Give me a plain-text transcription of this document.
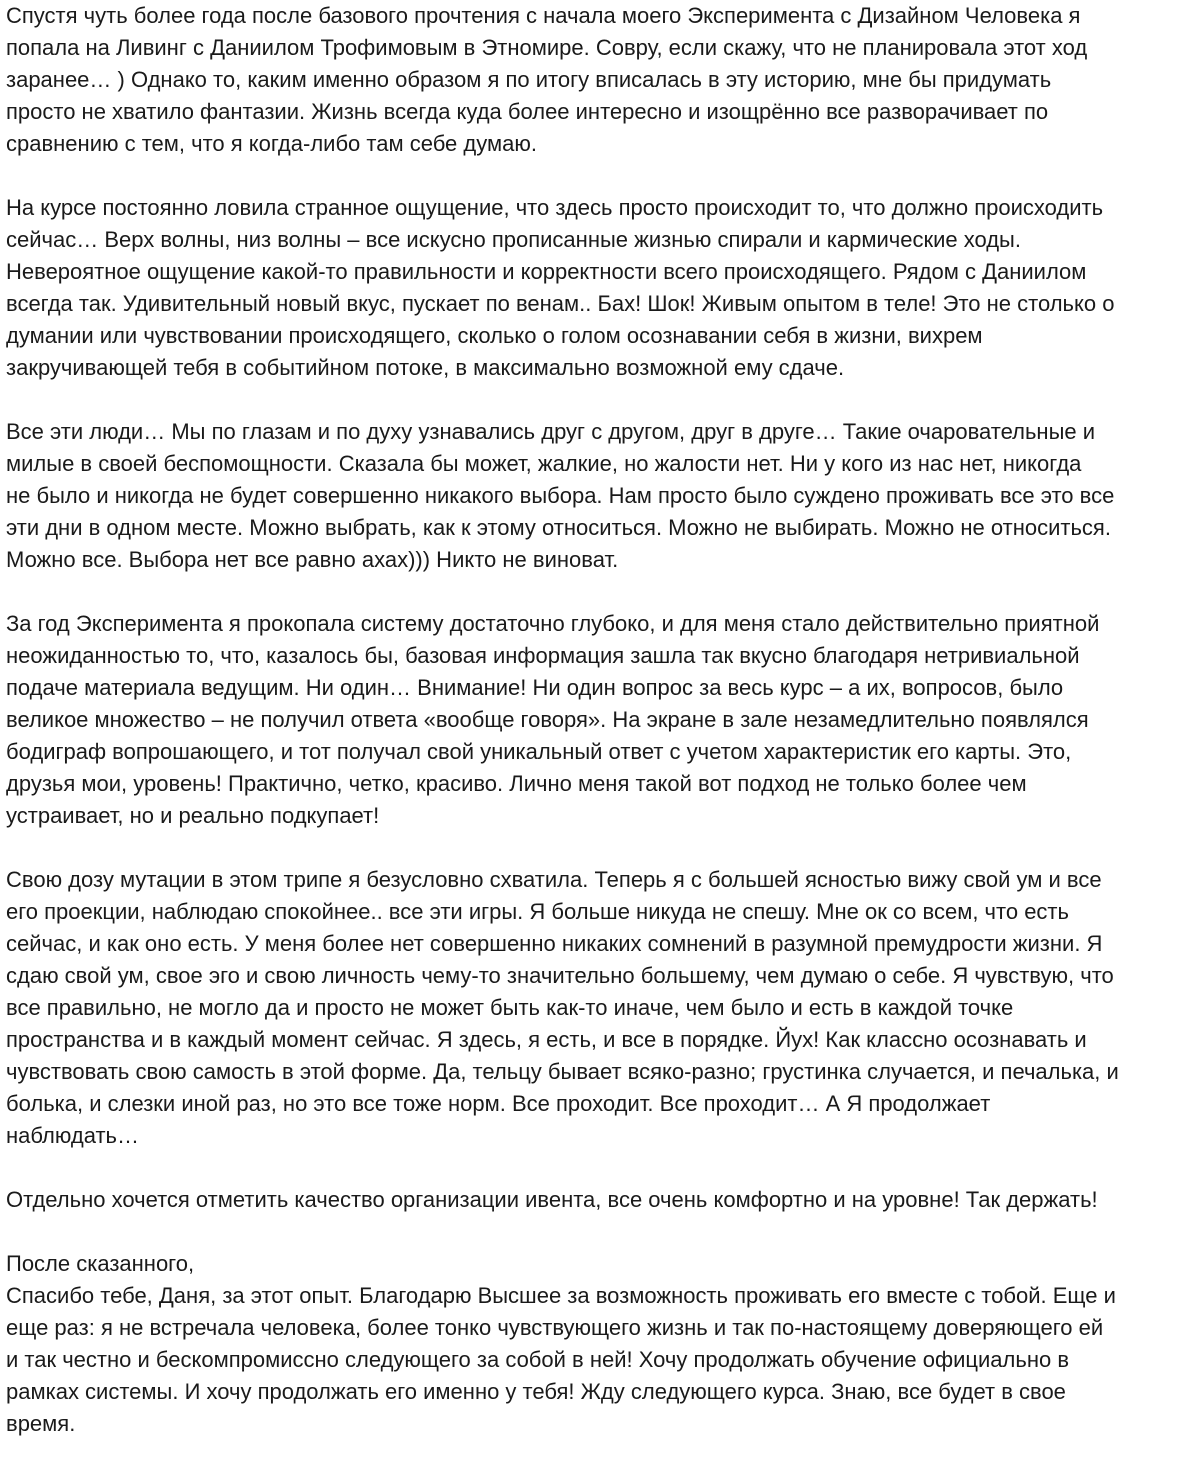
Спустя чуть более года после базового прочтения с начала моего Эксперимента с Дизайном Человека я
попала на Ливинг с Даниилом Трофимовым в Этномире. Совру, если скажу, что не планировала этот ход
заранее… ) Однако то, каким именно образом я по итогу вписалась в эту историю, мне бы придумать
просто не хватило фантазии. Жизнь всегда куда более интересно и изощрённо все разворачивает по
сравнению с тем, что я когда-либо там себе думаю.

На курсе постоянно ловила странное ощущение, что здесь просто происходит то, что должно происходить
сейчас… Верх волны, низ волны – все искусно прописанные жизнью спирали и кармические ходы.
Невероятное ощущение какой-то правильности и корректности всего происходящего. Рядом с Даниилом
всегда так. Удивительный новый вкус, пускает по венам.. Бах! Шок! Живым опытом в теле! Это не столько о
думании или чувствовании происходящего, сколько о голом осознавании себя в жизни, вихрем
закручивающей тебя в событийном потоке, в максимально возможной ему сдаче.

Все эти люди… Мы по глазам и по духу узнавались друг с другом, друг в друге… Такие очаровательные и
милые в своей беспомощности. Сказала бы может, жалкие, но жалости нет. Ни у кого из нас нет, никогда
не было и никогда не будет совершенно никакого выбора. Нам просто было суждено проживать все это все
эти дни в одном месте. Можно выбрать, как к этому относиться. Можно не выбирать. Можно не относиться.
Можно все. Выбора нет все равно ахах))) Никто не виноват.

За год Эксперимента я прокопала систему достаточно глубоко, и для меня стало действительно приятной
неожиданностью то, что, казалось бы, базовая информация зашла так вкусно благодаря нетривиальной
подаче материала ведущим. Ни один… Внимание! Ни один вопрос за весь курс – а их, вопросов, было
великое множество – не получил ответа «вообще говоря». На экране в зале незамедлительно появлялся
бодиграф вопрошающего, и тот получал свой уникальный ответ с учетом характеристик его карты. Это,
друзья мои, уровень! Практично, четко, красиво. Лично меня такой вот подход не только более чем
устраивает, но и реально подкупает!

Свою дозу мутации в этом трипе я безусловно схватила. Теперь я с большей ясностью вижу свой ум и все
его проекции, наблюдаю спокойнее.. все эти игры. Я больше никуда не спешу. Мне ок со всем, что есть
сейчас, и как оно есть. У меня более нет совершенно никаких сомнений в разумной премудрости жизни. Я
сдаю свой ум, свое эго и свою личность чему-то значительно большему, чем думаю о себе. Я чувствую, что
все правильно, не могло да и просто не может быть как-то иначе, чем было и есть в каждой точке
пространства и в каждый момент сейчас. Я здесь, я есть, и все в порядке. Йух! Как классно осознавать и
чувствовать свою самость в этой форме. Да, тельцу бывает всяко-разно; грустинка случается, и печалька, и
болька, и слезки иной раз, но это все тоже норм. Все проходит. Все проходит… А Я продолжает
наблюдать…

Отдельно хочется отметить качество организации ивента, все очень комфортно и на уровне! Так держать!

После сказанного,
Спасибо тебе, Даня, за этот опыт. Благодарю Высшее за возможность проживать его вместе с тобой. Еще и
еще раз: я не встречала человека, более тонко чувствующего жизнь и так по-настоящему доверяющего ей
и так честно и бескомпромиссно следующего за собой в ней! Хочу продолжать обучение официально в
рамках системы. И хочу продолжать его именно у тебя! Жду следующего курса. Знаю, все будет в свое
время.
